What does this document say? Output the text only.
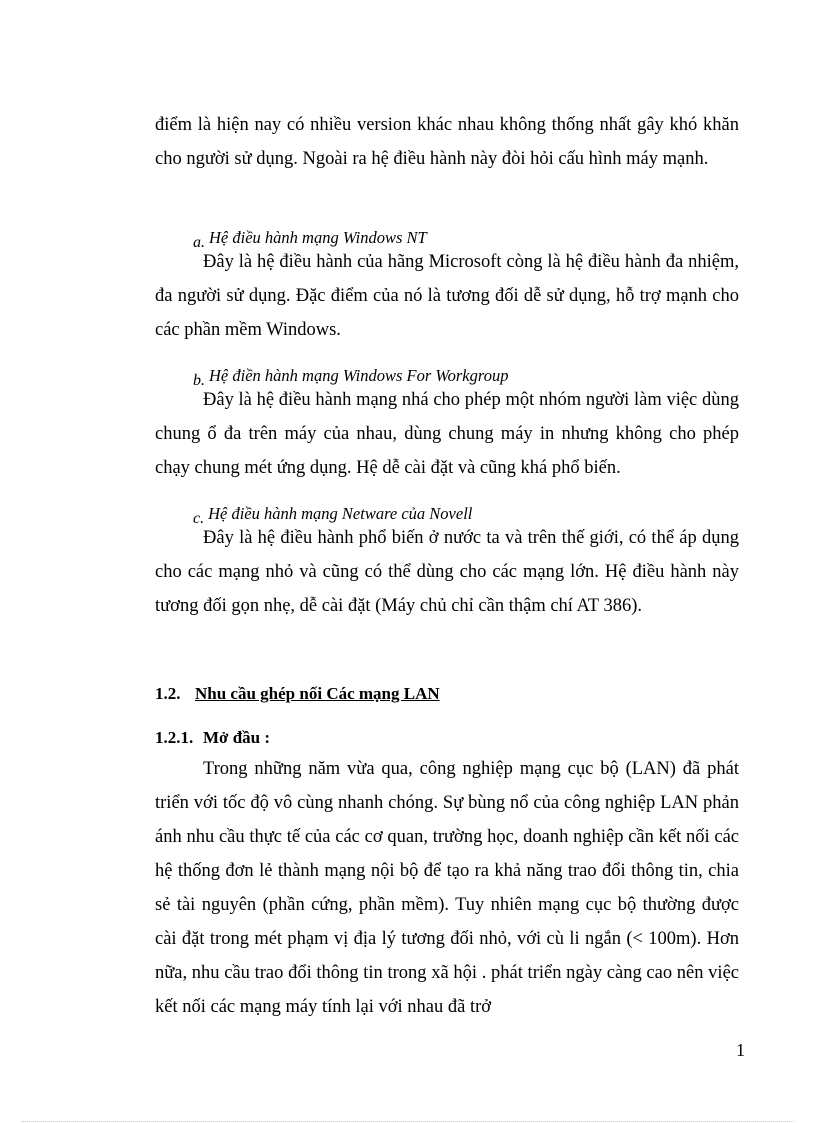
điểm là hiện nay có nhiều version khác nhau không thống nhất gây khó khăn cho người sử dụng. Ngoài ra hệ điều hành này đòi hỏi cấu hình máy mạnh.

a. Hệ điều hành mạng Windows NT

Đây là hệ điều hành của hãng Microsoft còng là hệ điều hành đa nhiệm, đa người sử dụng. Đặc điểm của nó là tương đối dễ sử dụng, hỗ trợ mạnh cho các phần mềm Windows.

b. Hệ điền hành mạng Windows For Workgroup

Đây là hệ điều hành mạng nhá cho phép một nhóm người làm việc dùng chung ổ đa trên máy của nhau, dùng chung máy in nhưng không cho phép chạy chung mét ứng dụng. Hệ dễ cài đặt và cũng khá phổ biến.

c. Hệ điều hành mạng Netware của Novell

Đây là hệ điều hành phổ biến ở nước ta và trên thế giới, có thể áp dụng cho các mạng nhỏ và cũng có thể dùng cho các mạng lớn. Hệ điều hành này tương đối gọn nhẹ, dễ cài đặt (Máy chủ chỉ cần thậm chí AT 386).

1.2. Nhu cầu ghép nối Các mạng LAN

1.2.1. Mở đầu :

Trong những năm vừa qua, công nghiệp mạng cục bộ (LAN) đã phát triển với tốc độ vô cùng nhanh chóng. Sự bùng nổ của công nghiệp LAN phản ánh nhu cầu thực tế của các cơ quan, trường học, doanh nghiệp cần kết nối các hệ thống đơn lẻ thành mạng nội bộ để tạo ra khả năng trao đổi thông tin, chia sẻ tài nguyên (phần cứng, phần mềm). Tuy nhiên mạng cục bộ thường được cài đặt trong mét phạm vị địa lý tương đối nhỏ, với cù li ngắn (< 100m). Hơn nữa, nhu cầu trao đổi thông tin trong xã hội . phát triển ngày càng cao nên việc kết nối các mạng máy tính lại với nhau đã trở

1
